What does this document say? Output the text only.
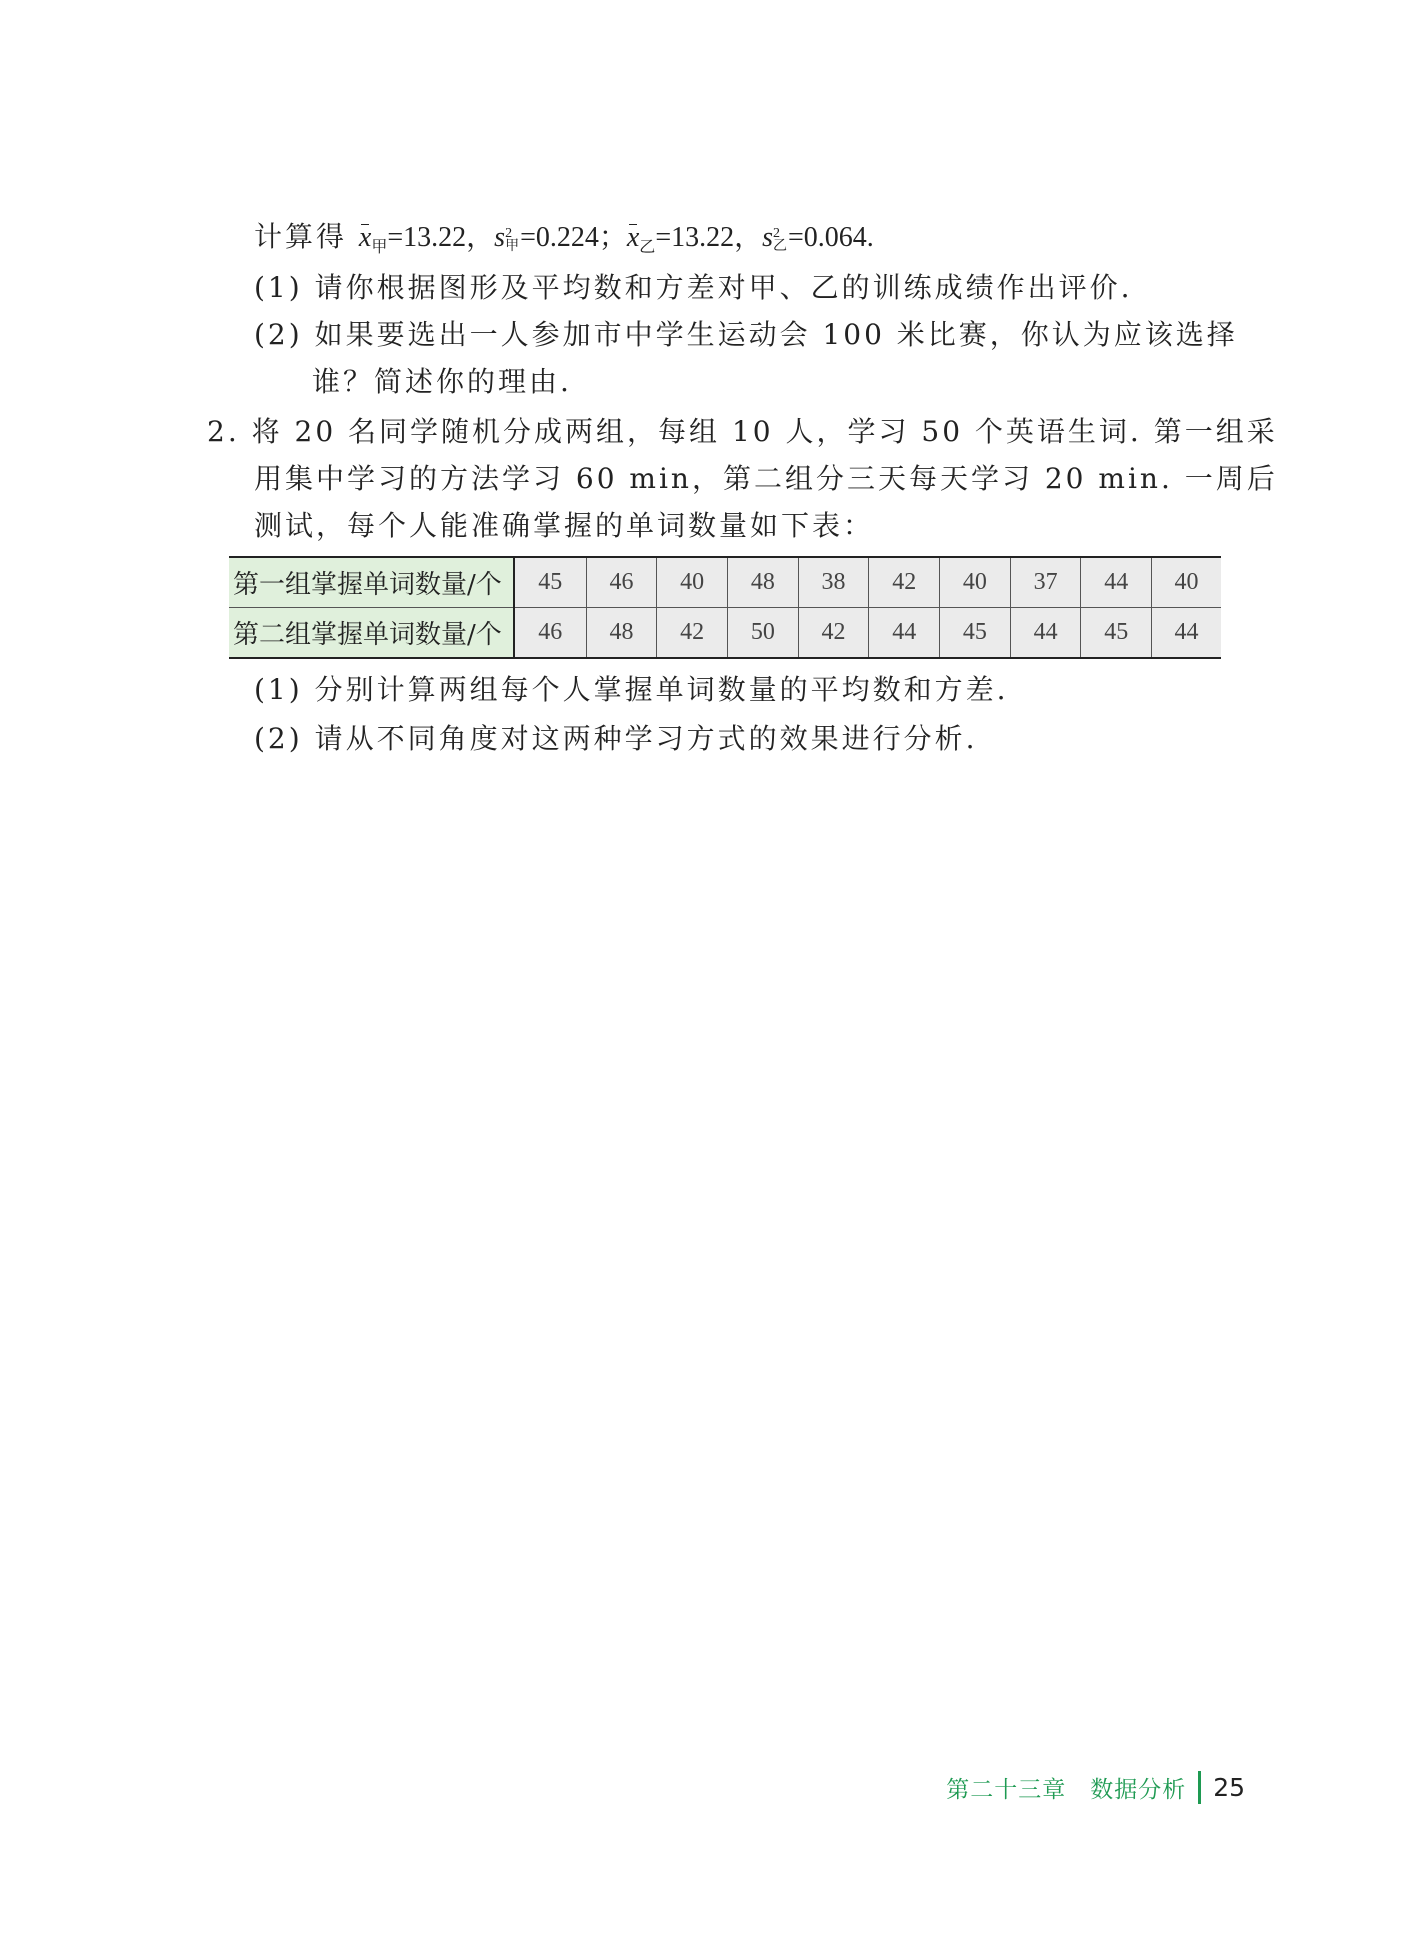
计算得 $x_甲=13.22$，s 2
甲 =0.224；$x_乙=13.22$，s 2
乙 =0.064.
(1) 请你根据图形及平均数和方差对甲、乙的训练成绩作出评价.
(2) 如果要选出一人参加市中学生运动会 100 米比赛，你认为应该选择
谁？简述你的理由.
2. 将 20 名同学随机分成两组，每组 10 人，学习 50 个英语生词. 第一组采
用集中学习的方法学习 60 min，第二组分三天每天学习 20 min. 一周后
测试，每个人能准确掌握的单词数量如下表：
第一组掌握单词数量/个	45	46	40	48	38	42	40	37	44	40
第二组掌握单词数量/个	46	48	42	50	42	44	45	44	45	44
(1) 分别计算两组每个人掌握单词数量的平均数和方差.
(2) 请从不同角度对这两种学习方式的效果进行分析.
第二十三章　数据分析 25
